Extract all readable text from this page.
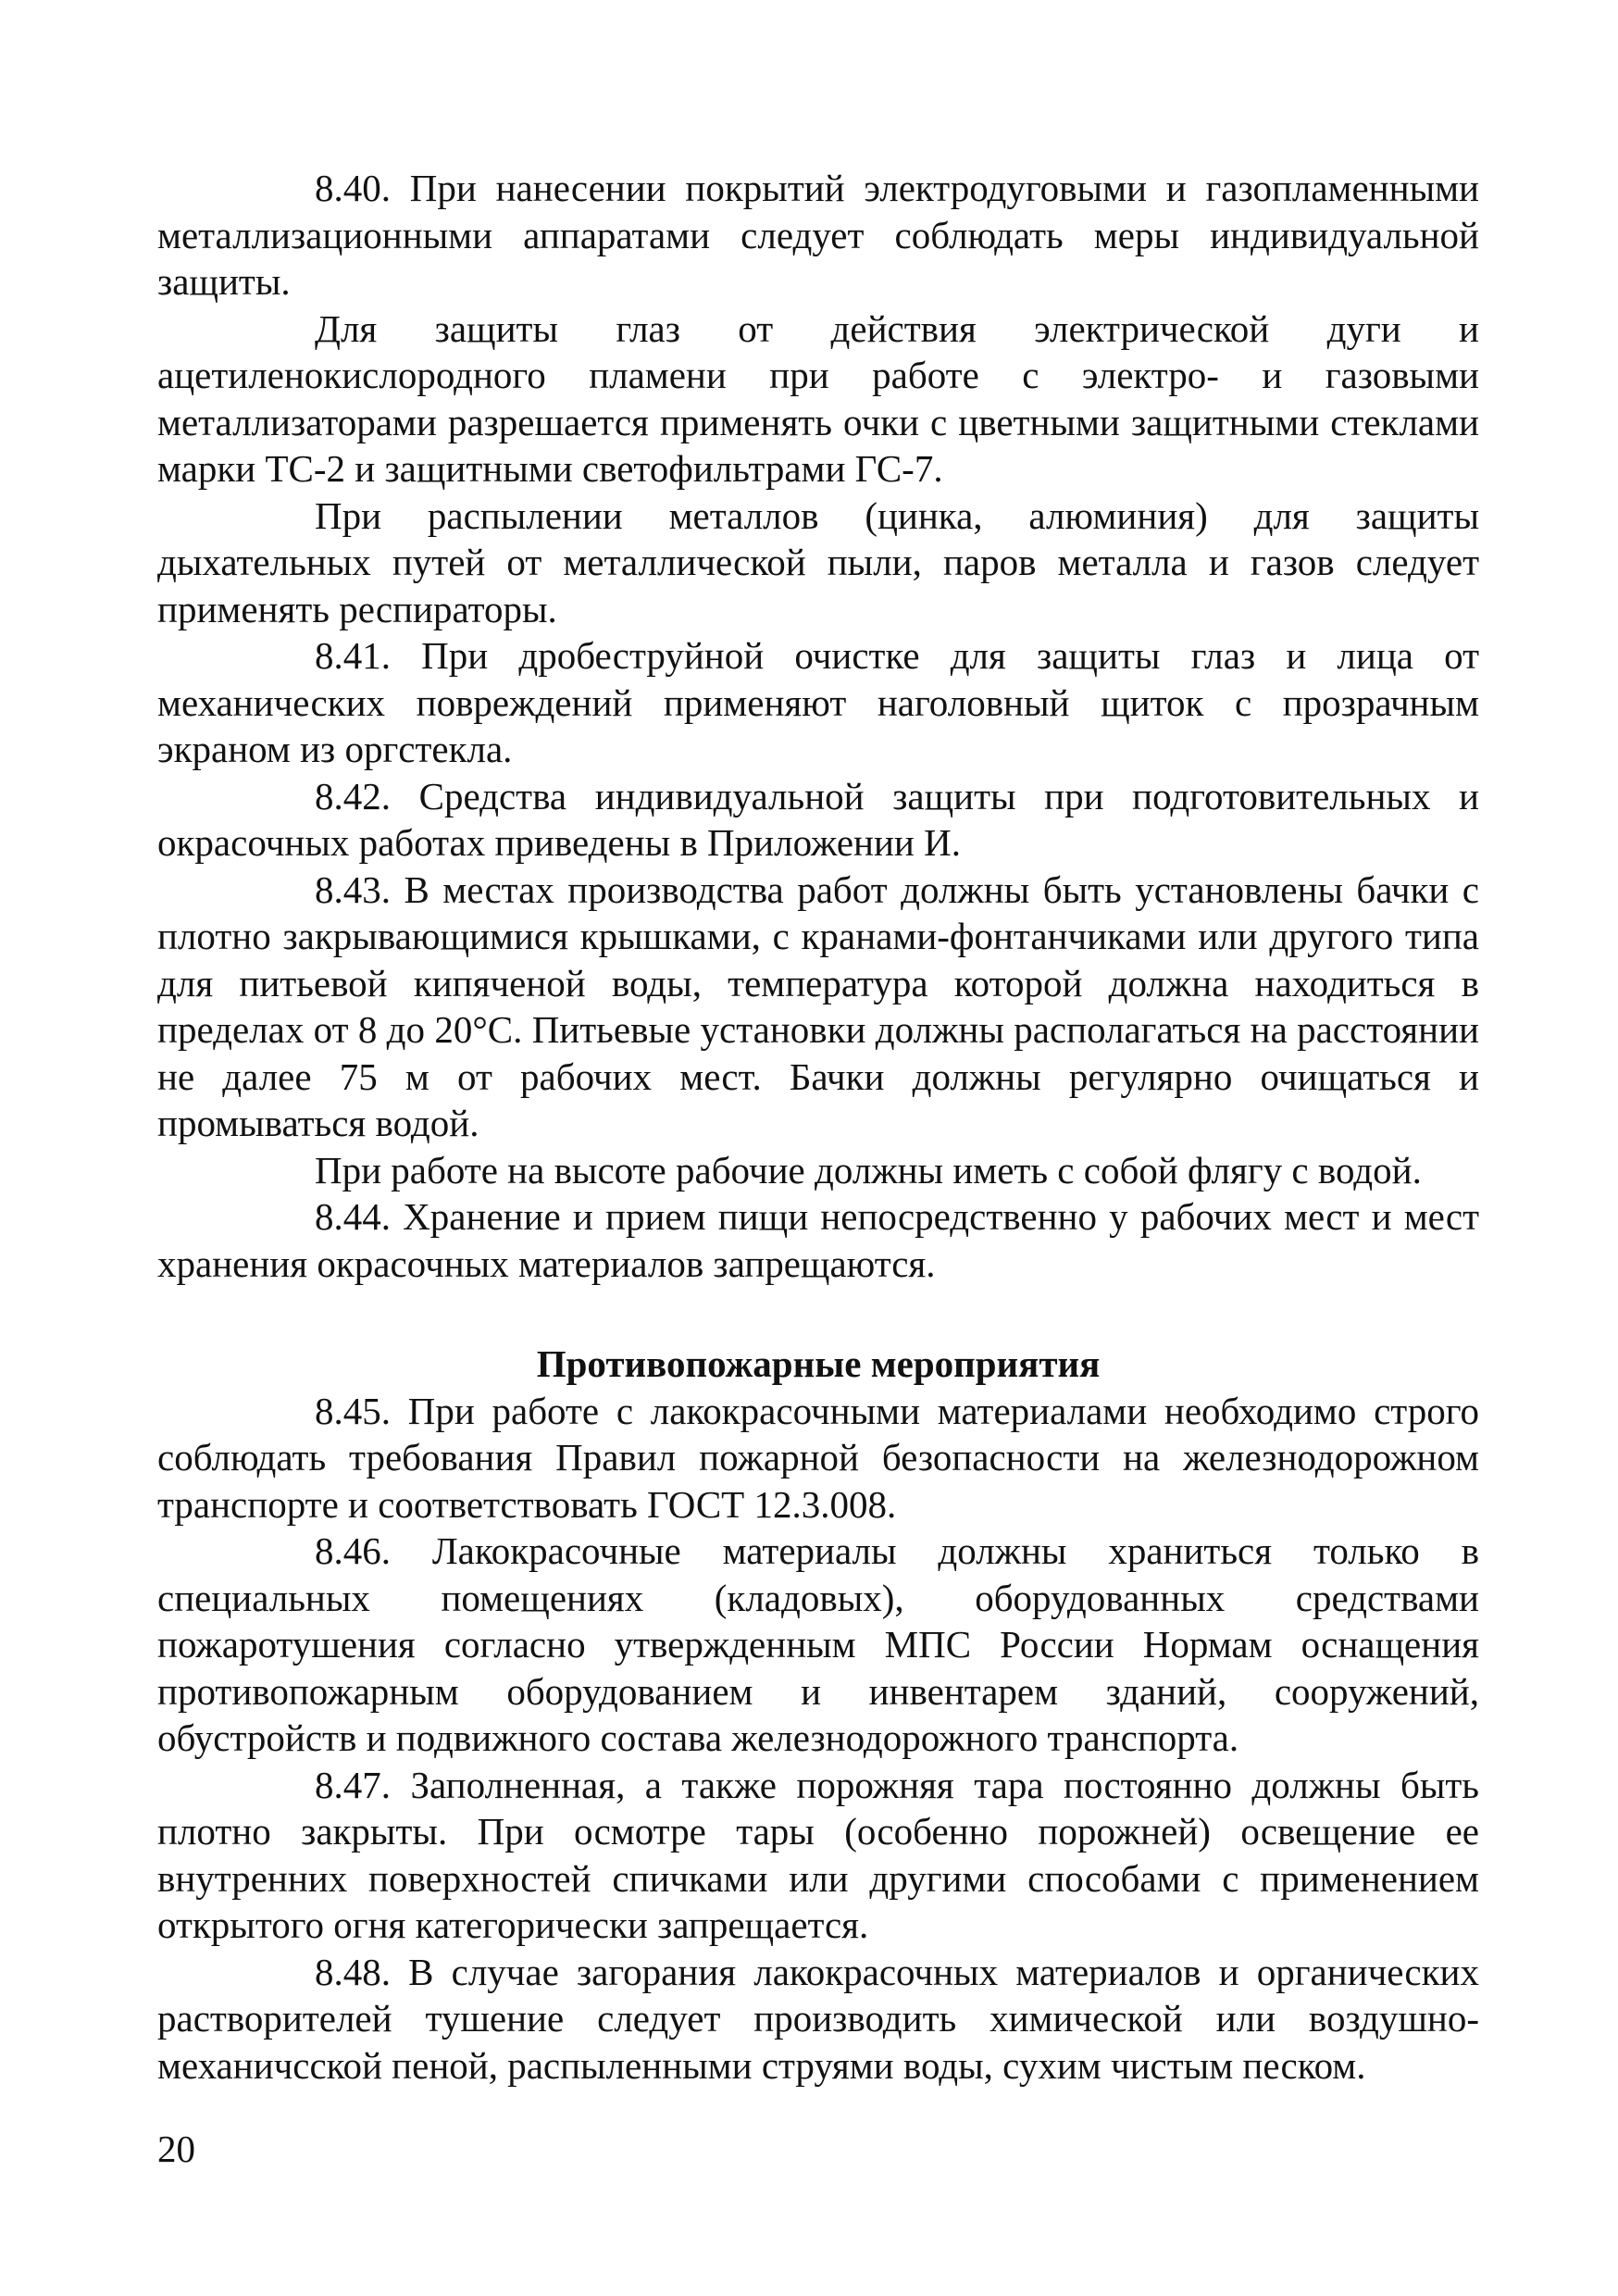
8.40. При нанесении покрытий электродуговыми и газопламенными металлизационными аппаратами следует соблюдать меры индивидуальной защиты.

Для защиты глаз от действия электрической дуги и ацетиленокислородного пламени при работе с электро- и газовыми металлизаторами разрешается применять очки с цветными защитными стеклами марки ТС-2 и защитными светофильтрами ГС-7.

При распылении металлов (цинка, алюминия) для защиты дыхательных путей от металлической пыли, паров металла и газов следует применять респираторы.

8.41. При дробеструйной очистке для защиты глаз и лица от механических повреждений применяют наголовный щиток с прозрачным экраном из оргстекла.

8.42. Средства индивидуальной защиты при подготовительных и окрасочных работах приведены в Приложении И.

8.43. В местах производства работ должны быть установлены бачки с плотно закрывающимися крышками, с кранами-фонтанчиками или другого типа для питьевой кипяченой воды, температура которой должна находиться в пределах от 8 до 20°С. Питьевые установки должны располагаться на расстоянии не далее 75 м от рабочих мест. Бачки должны регулярно очищаться и промываться водой.

При работе на высоте рабочие должны иметь с собой флягу с водой.

8.44. Хранение и прием пищи непосредственно у рабочих мест и мест хранения окрасочных материалов запрещаются.

Противопожарные мероприятия

8.45. При работе с лакокрасочными материалами необходимо строго соблюдать требования Правил пожарной безопасности на железнодорожном транспорте и соответствовать ГОСТ 12.3.008.

8.46. Лакокрасочные материалы должны храниться только в специальных помещениях (кладовых), оборудованных средствами пожаротушения согласно утвержденным МПС России Нормам оснащения противопожарным оборудованием и инвентарем зданий, сооружений, обустройств и подвижного состава железнодорожного транспорта.

8.47. Заполненная, а также порожняя тара постоянно должны быть плотно закрыты. При осмотре тары (особенно порожней) освещение ее внутренних поверхностей спичками или другими способами с применением открытого огня категорически запрещается.

8.48. В случае загорания лакокрасочных материалов и органических растворителей тушение следует производить химической или воздушно-механичсской пеной, распыленными струями воды, сухим чистым песком.

20
